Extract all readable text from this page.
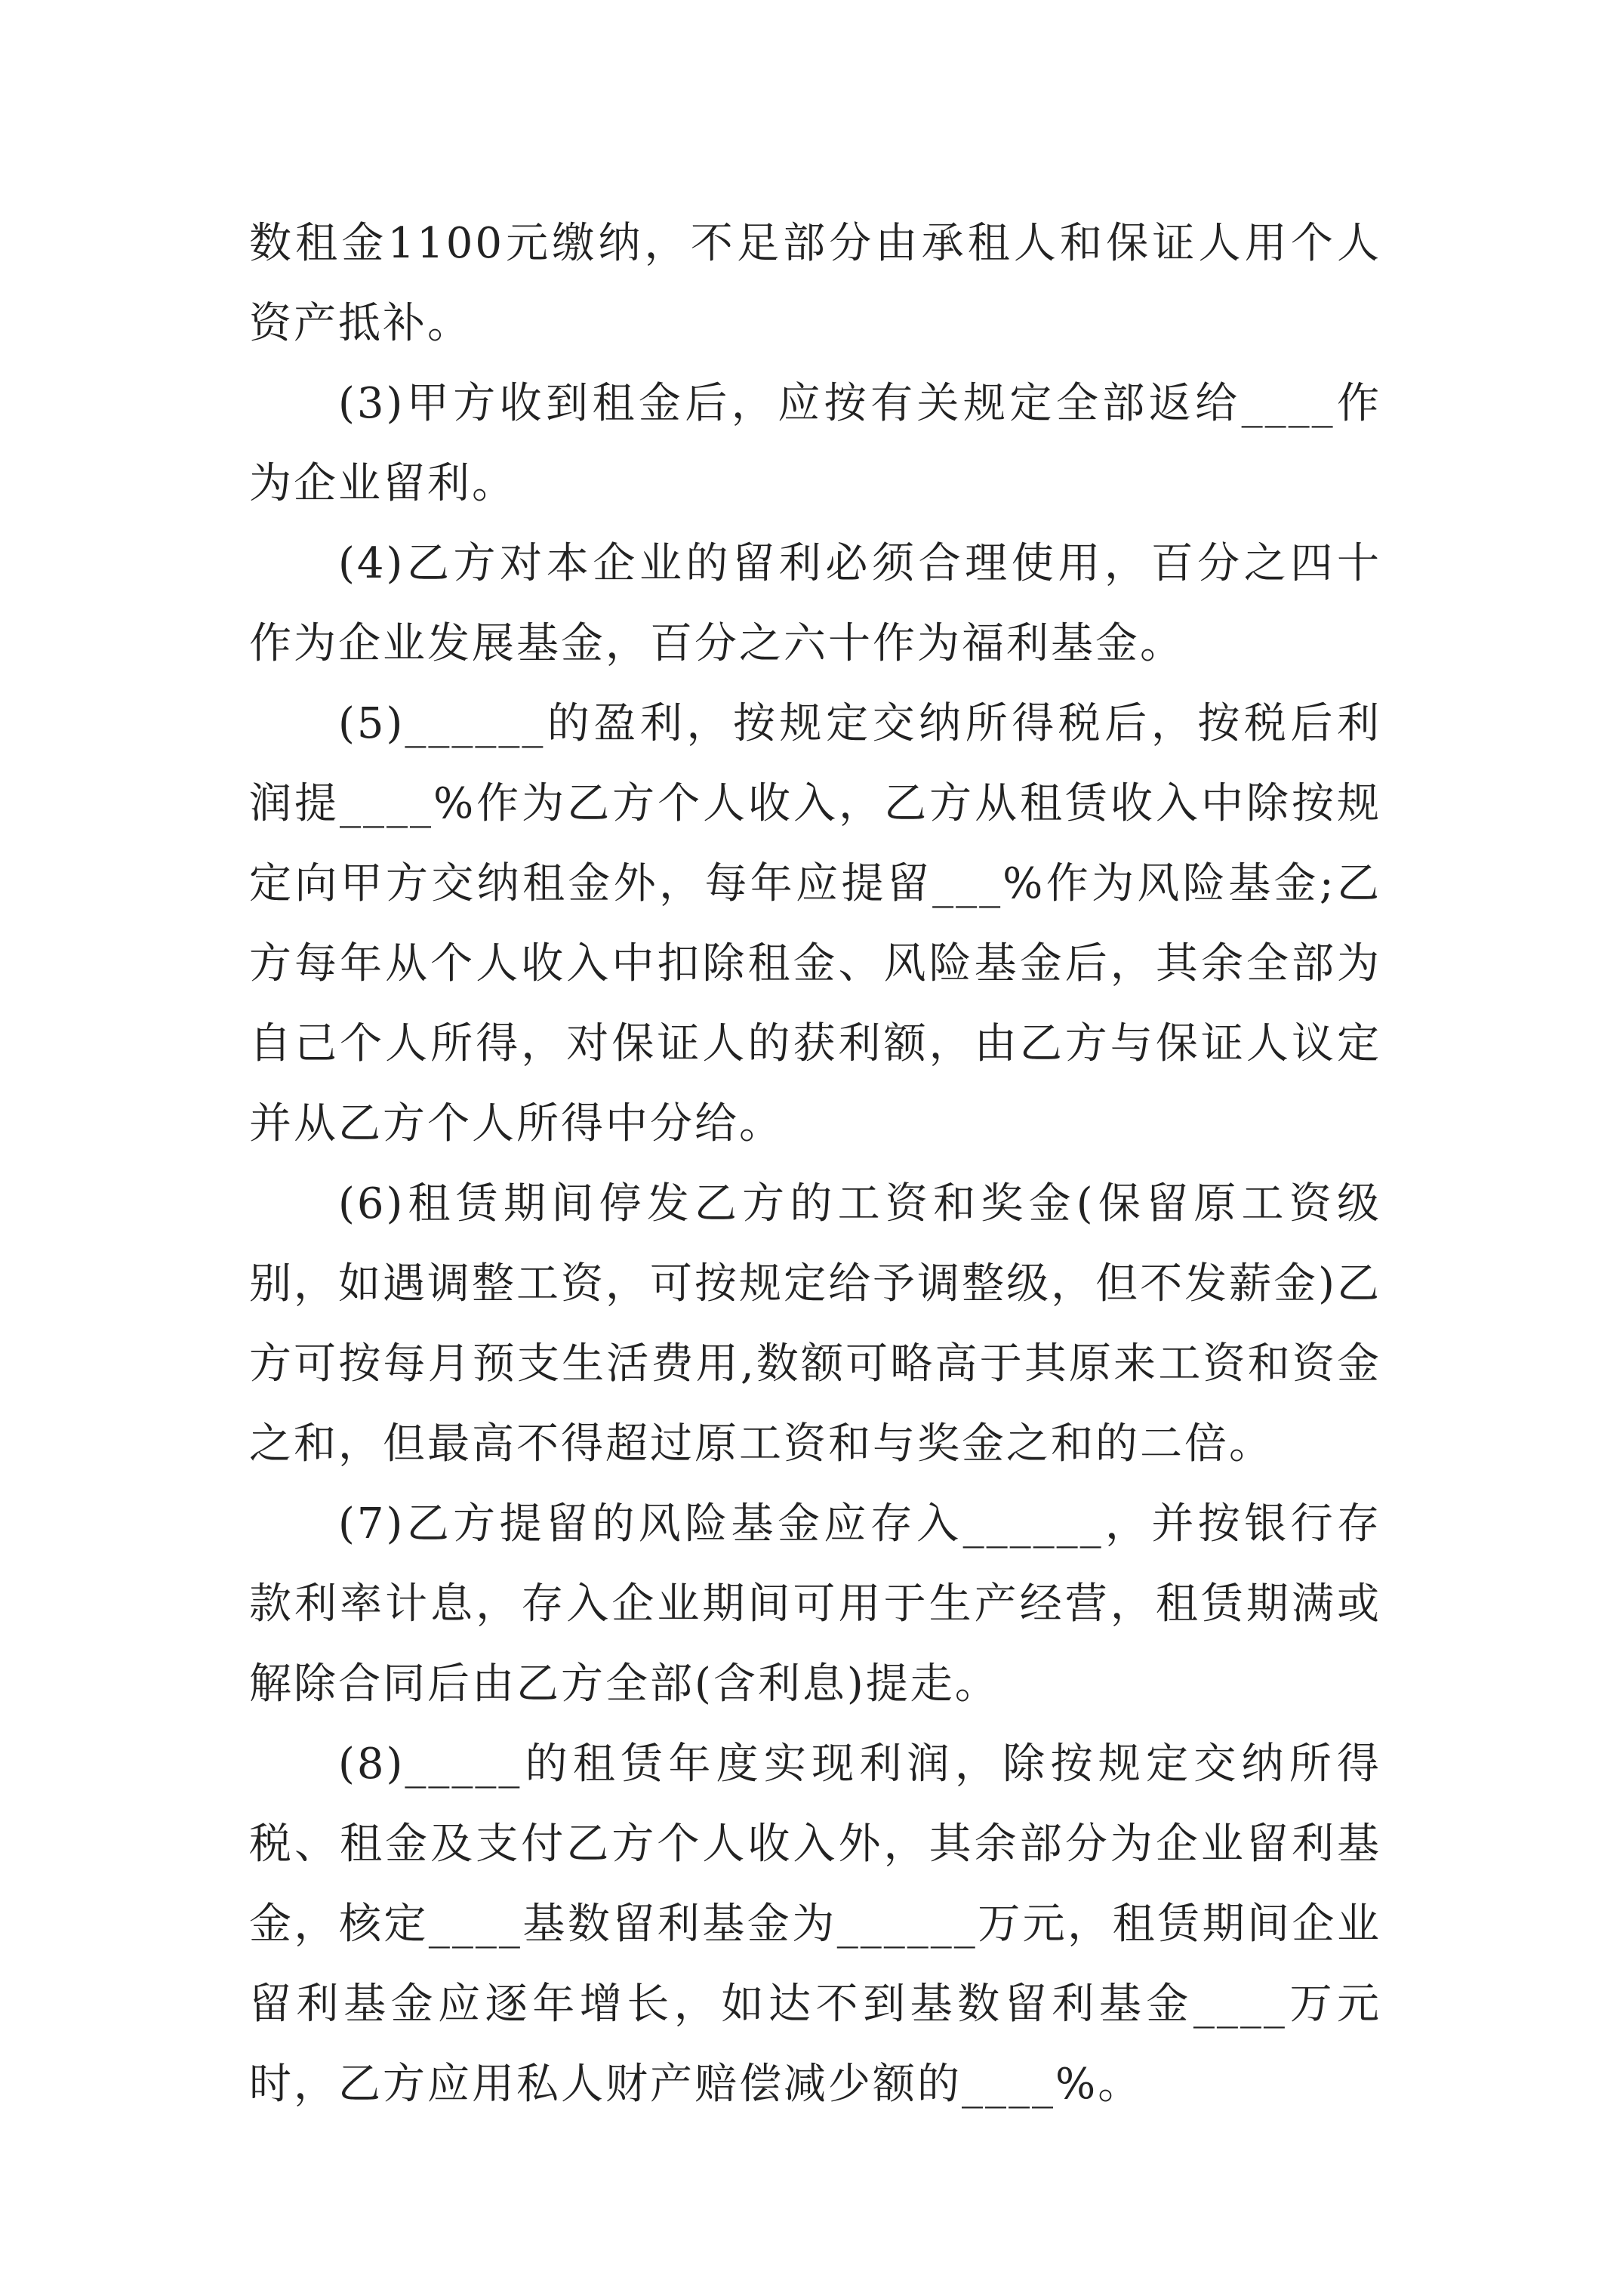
数租金1100元缴纳，不足部分由承租人和保证人用个人资产抵补。

(3)甲方收到租金后，应按有关规定全部返给____作为企业留利。

(4)乙方对本企业的留利必须合理使用，百分之四十作为企业发展基金，百分之六十作为福利基金。

(5)______的盈利，按规定交纳所得税后，按税后利润提____%作为乙方个人收入，乙方从租赁收入中除按规定向甲方交纳租金外，每年应提留___%作为风险基金;乙方每年从个人收入中扣除租金、风险基金后，其余全部为自己个人所得，对保证人的获利额，由乙方与保证人议定并从乙方个人所得中分给。

(6)租赁期间停发乙方的工资和奖金(保留原工资级别，如遇调整工资，可按规定给予调整级，但不发薪金)乙方可按每月预支生活费用,数额可略高于其原来工资和资金之和，但最高不得超过原工资和与奖金之和的二倍。

(7)乙方提留的风险基金应存入______，并按银行存款利率计息，存入企业期间可用于生产经营，租赁期满或解除合同后由乙方全部(含利息)提走。

(8)_____的租赁年度实现利润，除按规定交纳所得税、租金及支付乙方个人收入外，其余部分为企业留利基金，核定____基数留利基金为______万元，租赁期间企业留利基金应逐年增长，如达不到基数留利基金____万元时，乙方应用私人财产赔偿减少额的____%。
